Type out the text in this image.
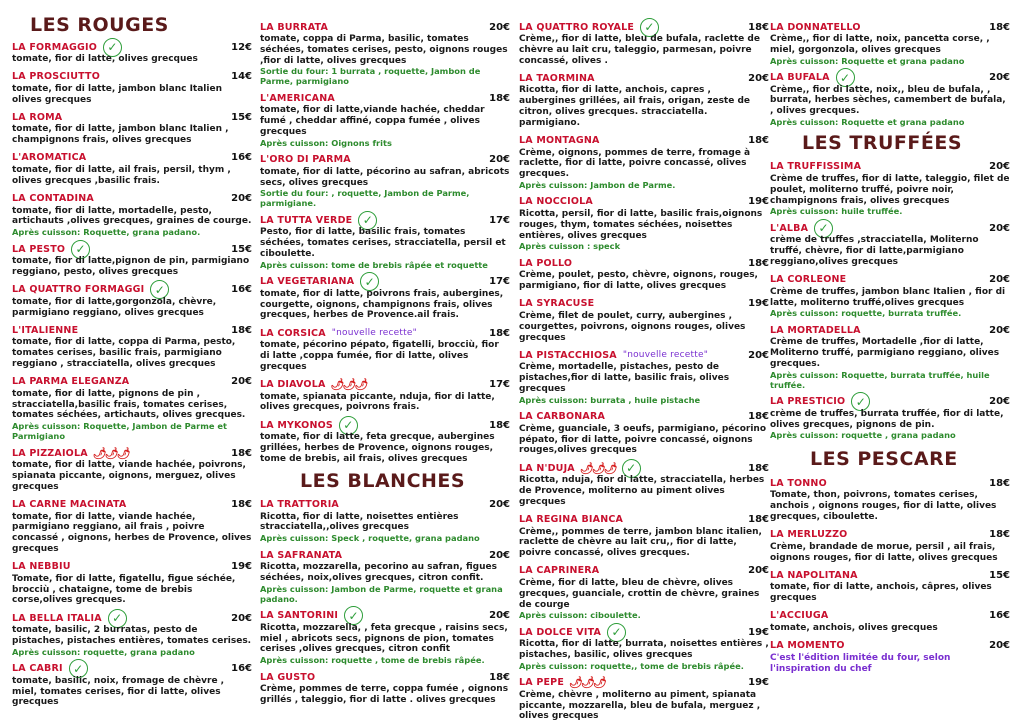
LES ROUGES
LA FORMAGGIO ✓	12€
tomate, fior di latte, olives grecques
LA PROSCIUTTO	14€
tomate, fior di latte, jambon blanc Italien olives grecques
LA ROMA	15€
tomate, fior di latte, jambon blanc Italien , champignons frais, olives grecques
L'AROMATICA	16€
tomate, fior di latte, ail frais, persil, thym , olives grecques ,basilic frais.
LA CONTADINA	20€
tomate, fior di latte, mortadelle, pesto, artichauts ,olives grecques, graines de courge.
Après cuisson: Roquette, grana padano.
LA PESTO ✓	15€
tomate, fior di latte,pignon de pin, parmigiano reggiano, pesto, olives grecques
LA QUATTRO FORMAGGI ✓	16€
tomate, fior di latte,gorgonzola, chèvre, parmigiano reggiano, olives grecques
L'ITALIENNE	18€
tomate, fior di latte, coppa di Parma, pesto, tomates cerises, basilic frais, parmigiano reggiano , stracciatella, olives grecques
LA PARMA ELEGANZA	20€
tomate, fior di latte, pignons de pin , stracciatella,basilic frais, tomates cerises, tomates séchées, artichauts, olives grecques.
Après cuisson: Roquette, Jambon de Parme et Parmigiano
LA PIZZAIOLA 🌶🌶🌶	18€
tomate, fior di latte, viande hachée, poivrons, spianata piccante, oignons, merguez, olives grecques
LA CARNE MACINATA	18€
tomate, fior di latte, viande hachée, parmigiano reggiano, ail frais , poivre concassé , oignons, herbes de Provence, olives grecques
LA NEBBIU	19€
Tomate, fior di latte, figatellu, figue séchée, brocciù , chataigne, tome de brebis corse,olives grecques.
LA BELLA ITALIA ✓	20€
tomate, basilic, 2 burratas, pesto de pistaches, pistaches entières, tomates cerises.
Après cuisson: roquette, grana padano
LA CABRI ✓	16€
tomate, basilic, noix, fromage de chèvre , miel, tomates cerises, fior di latte, olives grecques
LA BURRATA	20€
tomate, coppa di Parma, basilic, tomates séchées, tomates cerises, pesto, oignons rouges ,fior di latte, olives grecques
Sortie du four: 1 burrata , roquette, Jambon de Parme, parmigiano
L'AMERICANA	18€
tomate, fior di latte,viande hachée, cheddar fumé , cheddar affiné, coppa fumée , olives grecques
Après cuisson: Oignons frits
L'ORO DI PARMA	20€
tomate, fior di latte, pécorino au safran, abricots secs, olives grecques
Sortie du four: , roquette, Jambon de Parme, parmigiane.
LA TUTTA VERDE ✓	17€
Pesto, fior di latte, basilic frais, tomates séchées, tomates cerises, stracciatella, persil et ciboulette.
Après cuisson: tome de brebis râpée et roquette
LA VEGETARIANA ✓	17€
tomate, fior di latte, poivrons frais, aubergines, courgette, oignons, champignons frais, olives grecques, herbes de Provence.ail frais.
LA CORSICA "nouvelle recette"	18€
tomate, pécorino pépato, figatelli, brocciù, fior di latte ,coppa fumée, fior di latte, olives grecques
LA DIAVOLA 🌶🌶🌶	17€
tomate, spianata piccante, nduja, fior di latte, olives grecques, poivrons frais.
LA MYKONOS ✓	18€
tomate, fior di latte, feta grecque, aubergines grillées, herbes de Provence, oignons rouges, tome de brebis, ail frais, olives grecques
LES BLANCHES
LA TRATTORIA	20€
Ricotta, fior di latte, noisettes entières stracciatella,,olives grecques
Après cuisson: Speck , roquette, grana padano
LA SAFRANATA	20€
Ricotta, mozzarella, pecorino au safran, figues séchées, noix,olives grecques, citron confit.
Après cuisson: Jambon de Parme, roquette et grana padano.
LA SANTORINI ✓	20€
Ricotta, mozzarella, , feta grecque , raisins secs, miel , abricots secs, pignons de pion, tomates cerises ,olives grecques, citron confit
Après cuisson: roquette , tome de brebis râpée.
LA GUSTO	18€
Crème, pommes de terre, coppa fumée , oignons grillés , taleggio, fior di latte . olives grecques
LA QUATTRO ROYALE ✓	18€
Crème,, fior di latte, bleu de bufala, raclette de chèvre au lait cru, taleggio, parmesan, poivre concassé, olives .
LA TAORMINA	20€
Ricotta, fior di latte, anchois, capres , aubergines grillées, ail frais, origan, zeste de citron, olives grecques. stracciatella. parmigiano.
LA MONTAGNA	18€
Crème, oignons, pommes de terre, fromage à raclette, fior di latte, poivre concassé, olives grecques.
Après cuisson: Jambon de Parme.
LA NOCCIOLA	19€
Ricotta, persil, fior di latte, basilic frais,oignons rouges, thym, tomates séchées, noisettes entières, olives grecques
Après cuisson : speck
LA POLLO	18€
Crème, poulet, pesto, chèvre, oignons, rouges, parmigiano, fior di latte, olives grecques
LA SYRACUSE	19€
Crème, filet de poulet, curry, aubergines , courgettes, poivrons, oignons rouges, olives grecques
LA PISTACCHIOSA "nouvelle recette"	20€
Crème, mortadelle, pistaches, pesto de pistaches,fior di latte, basilic frais, olives grecques
Après cuisson: burrata , huile pistache
LA CARBONARA	18€
Crème, guanciale, 3 oeufs, parmigiano, pécorino pépato, fior di latte, poivre concassé, oignons rouges,olives grecques
LA N'DUJA 🌶🌶🌶 ✓	18€
Ricotta, nduja, fior di latte, stracciatella, herbes de Provence, moliterno au piment olives grecques
LA REGINA BIANCA	18€
Crème,, pommes de terre, jambon blanc italien, raclette de chèvre au lait cru,, fior di latte, poivre concassé, olives grecques.
LA CAPRINERA	20€
Crème, fior di latte, bleu de chèvre, olives grecques, guanciale, crottin de chèvre, graines de courge
Après cuisson: ciboulette.
LA DOLCE VITA ✓	19€
Ricotta, fior di latte, burrata, noisettes entières , pistaches, basilic, olives grecques
Après cuisson: roquette,, tome de brebis râpée.
LA PEPE 🌶🌶🌶	19€
Crème, chèvre , moliterno au piment, spianata piccante, mozzarella, bleu de bufala, merguez , olives grecques
LA DONNATELLO	18€
Crème,, fior di latte, noix, pancetta corse, , miel, gorgonzola, olives grecques
Après cuisson: Roquette et grana padano
LA BUFALA ✓	20€
Crème,, fior di latte, noix,, bleu de bufala, , burrata, herbes sèches, camembert de bufala, , olives grecques.
Après cuisson: Roquette et grana padano
LES TRUFFÉES
LA TRUFFISSIMA	20€
Crème de truffes, fior di latte, taleggio, filet de poulet, moliterno truffé, poivre noir, champignons frais, olives grecques
Après cuisson: huile truffée.
L'ALBA ✓	20€
crème de truffes ,stracciatella, Moliterno truffé, chèvre, fior di latte,parmigiano reggiano,olives grecques
LA CORLEONE	20€
Crème de truffes, jambon blanc Italien , fior di latte, moliterno truffé,olives grecques
Après cuisson: roquette, burrata truffée.
LA MORTADELLA	20€
Crème de truffes, Mortadelle ,fior di latte, Moliterno truffé, parmigiano reggiano, olives grecques.
Après cuisson: Roquette, burrata truffée, huile truffée.
LA PRESTICIO ✓	20€
crème de truffes, burrata truffée, fior di latte, olives grecques, pignons de pin.
Après cuisson: roquette , grana padano
LES PESCARE
LA TONNO	18€
Tomate, thon, poivrons, tomates cerises, anchois , oignons rouges, fior di latte, olives grecques, ciboulette.
LA MERLUZZO	18€
Crème, brandade de morue, persil , ail frais, oignons rouges, fior di latte, olives grecques
LA NAPOLITANA	15€
tomate, fior di latte, anchois, câpres, olives grecques
L'ACCIUGA	16€
tomate, anchois, olives grecques
LA MOMENTO	20€
C'est l'édition limitée du four, selon l'inspiration du chef
